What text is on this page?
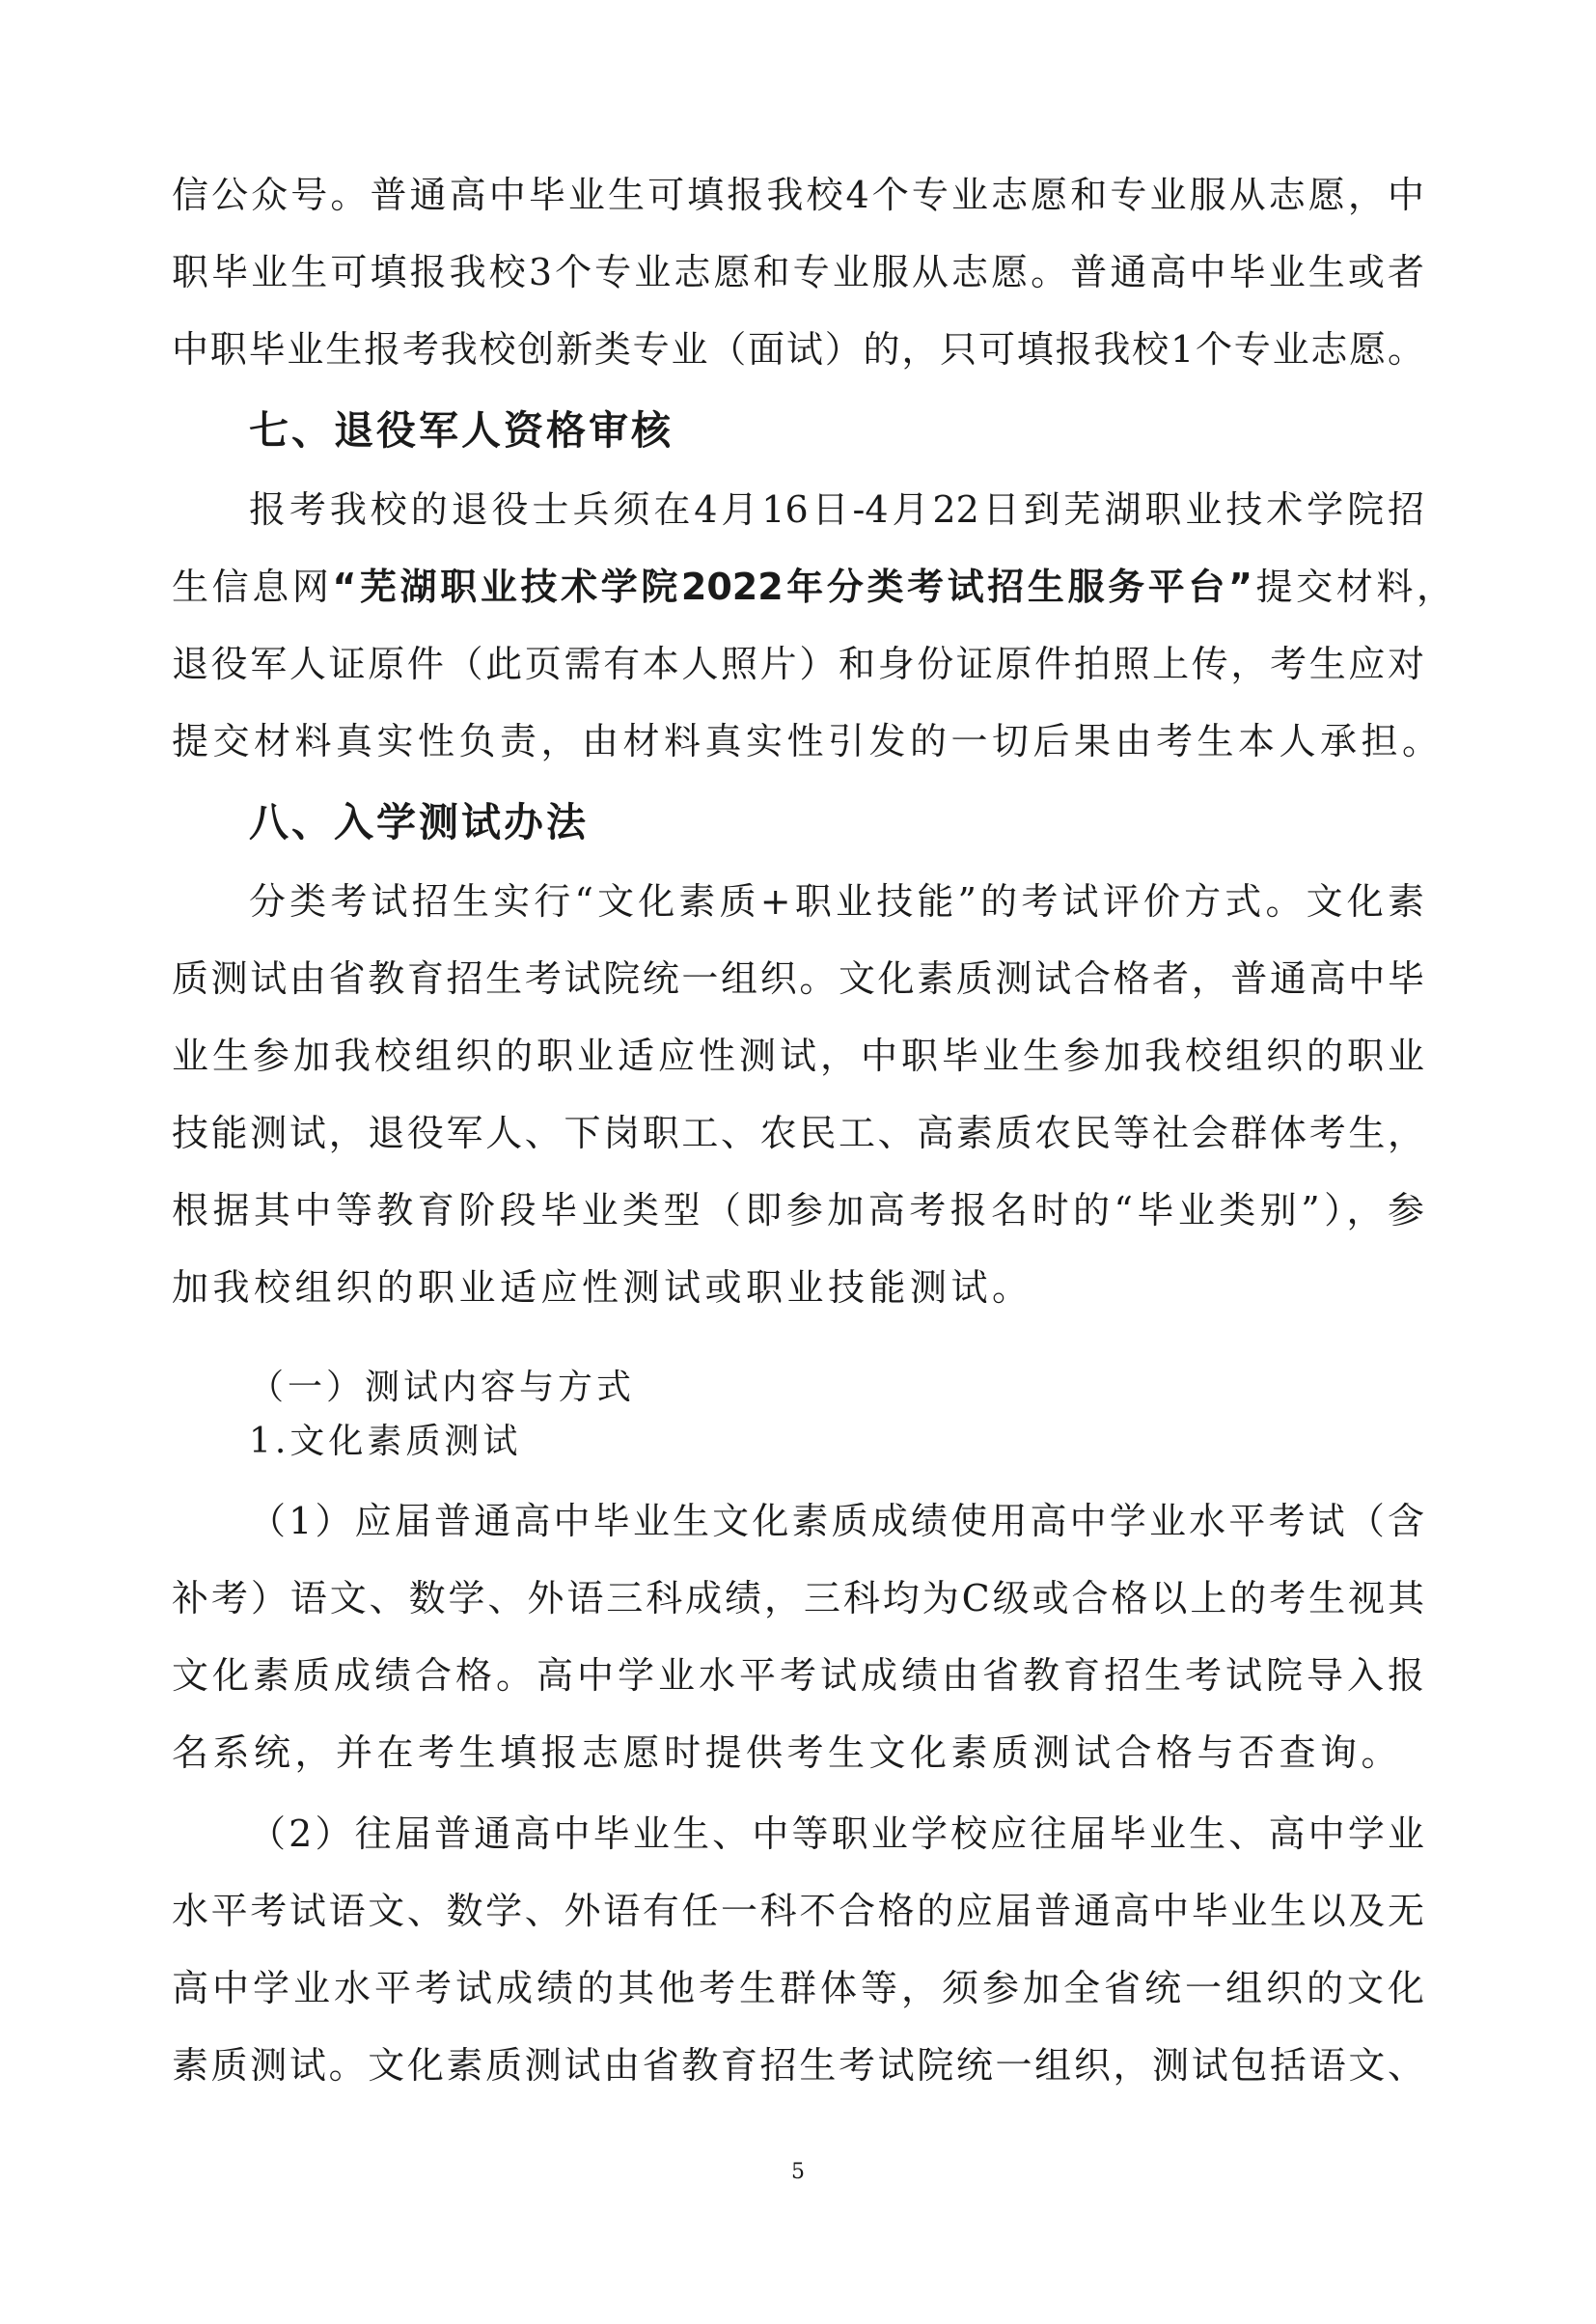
信公众号。普通高中毕业生可填报我校4个专业志愿和专业服从志愿，中
职毕业生可填报我校3个专业志愿和专业服从志愿。普通高中毕业生或者
中职毕业生报考我校创新类专业（面试）的，只可填报我校1个专业志愿。
七、退役军人资格审核
报考我校的退役士兵须在4月16日-4月22日到芜湖职业技术学院招
生信息网“芜湖职业技术学院2022年分类考试招生服务平台”提交材料，
退役军人证原件（此页需有本人照片）和身份证原件拍照上传，考生应对
提交材料真实性负责，由材料真实性引发的一切后果由考生本人承担。
八、入学测试办法
分类考试招生实行“文化素质+职业技能”的考试评价方式。文化素
质测试由省教育招生考试院统一组织。文化素质测试合格者，普通高中毕
业生参加我校组织的职业适应性测试，中职毕业生参加我校组织的职业
技能测试，退役军人、下岗职工、农民工、高素质农民等社会群体考生，
根据其中等教育阶段毕业类型（即参加高考报名时的“毕业类别”），参
加我校组织的职业适应性测试或职业技能测试。
（一）测试内容与方式
1.文化素质测试
（1）应届普通高中毕业生文化素质成绩使用高中学业水平考试（含
补考）语文、数学、外语三科成绩，三科均为C级或合格以上的考生视其
文化素质成绩合格。高中学业水平考试成绩由省教育招生考试院导入报
名系统，并在考生填报志愿时提供考生文化素质测试合格与否查询。
（2）往届普通高中毕业生、中等职业学校应往届毕业生、高中学业
水平考试语文、数学、外语有任一科不合格的应届普通高中毕业生以及无
高中学业水平考试成绩的其他考生群体等，须参加全省统一组织的文化
素质测试。文化素质测试由省教育招生考试院统一组织，测试包括语文、
5
